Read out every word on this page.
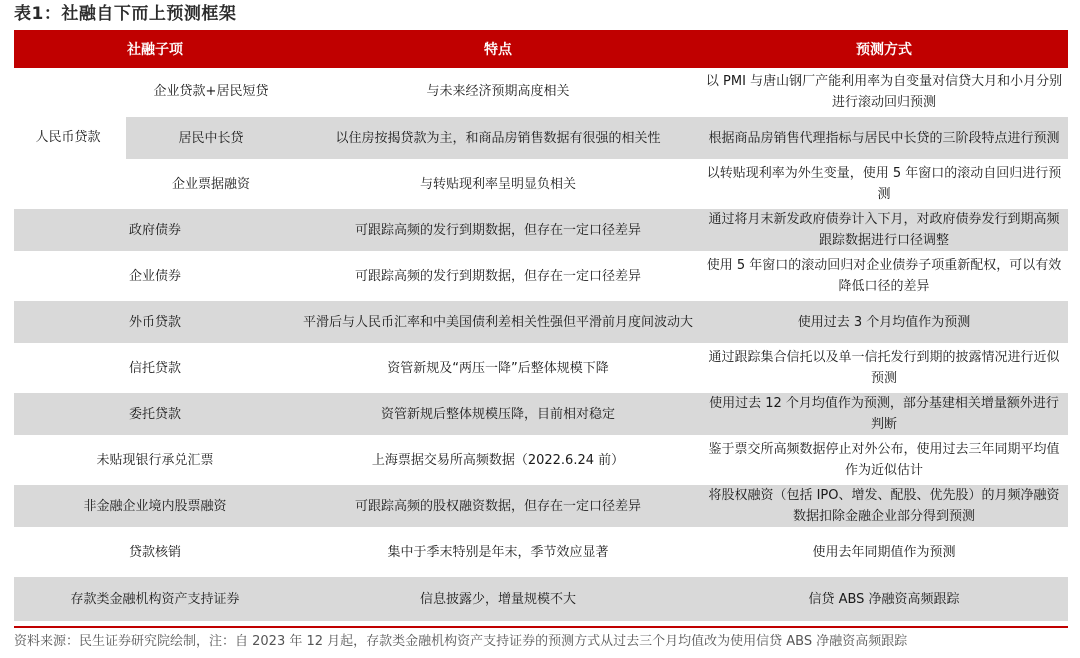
表1：社融自下而上预测框架
社融子项		特点	预测方式
人民币贷款	企业贷款+居民短贷	与未来经济预期高度相关	以 PMI 与唐山钢厂产能利用率为自变量对信贷大月和小月分别进行滚动回归预测
	居民中长贷	以住房按揭贷款为主，和商品房销售数据有很强的相关性	根据商品房销售代理指标与居民中长贷的三阶段特点进行预测
	企业票据融资	与转贴现利率呈明显负相关	以转贴现利率为外生变量，使用 5 年窗口的滚动自回归进行预测
政府债券		可跟踪高频的发行到期数据，但存在一定口径差异	通过将月末新发政府债券计入下月，对政府债券发行到期高频跟踪数据进行口径调整
企业债券		可跟踪高频的发行到期数据，但存在一定口径差异	使用 5 年窗口的滚动回归对企业债券子项重新配权，可以有效降低口径的差异
外币贷款		平滑后与人民币汇率和中美国债利差相关性强但平滑前月度间波动大	使用过去 3 个月均值作为预测
信托贷款		资管新规及“两压一降”后整体规模下降	通过跟踪集合信托以及单一信托发行到期的披露情况进行近似预测
委托贷款		资管新规后整体规模压降，目前相对稳定	使用过去 12 个月均值作为预测，部分基建相关增量额外进行判断
未贴现银行承兑汇票		上海票据交易所高频数据（2022.6.24 前）	鉴于票交所高频数据停止对外公布，使用过去三年同期平均值作为近似估计
非金融企业境内股票融资		可跟踪高频的股权融资数据，但存在一定口径差异	将股权融资（包括 IPO、增发、配股、优先股）的月频净融资数据扣除金融企业部分得到预测
贷款核销		集中于季末特别是年末，季节效应显著	使用去年同期值作为预测
存款类金融机构资产支持证券		信息披露少，增量规模不大	信贷 ABS 净融资高频跟踪
资料来源：民生证券研究院绘制，注：自 2023 年 12 月起，存款类金融机构资产支持证券的预测方式从过去三个月均值改为使用信贷 ABS 净融资高频跟踪
